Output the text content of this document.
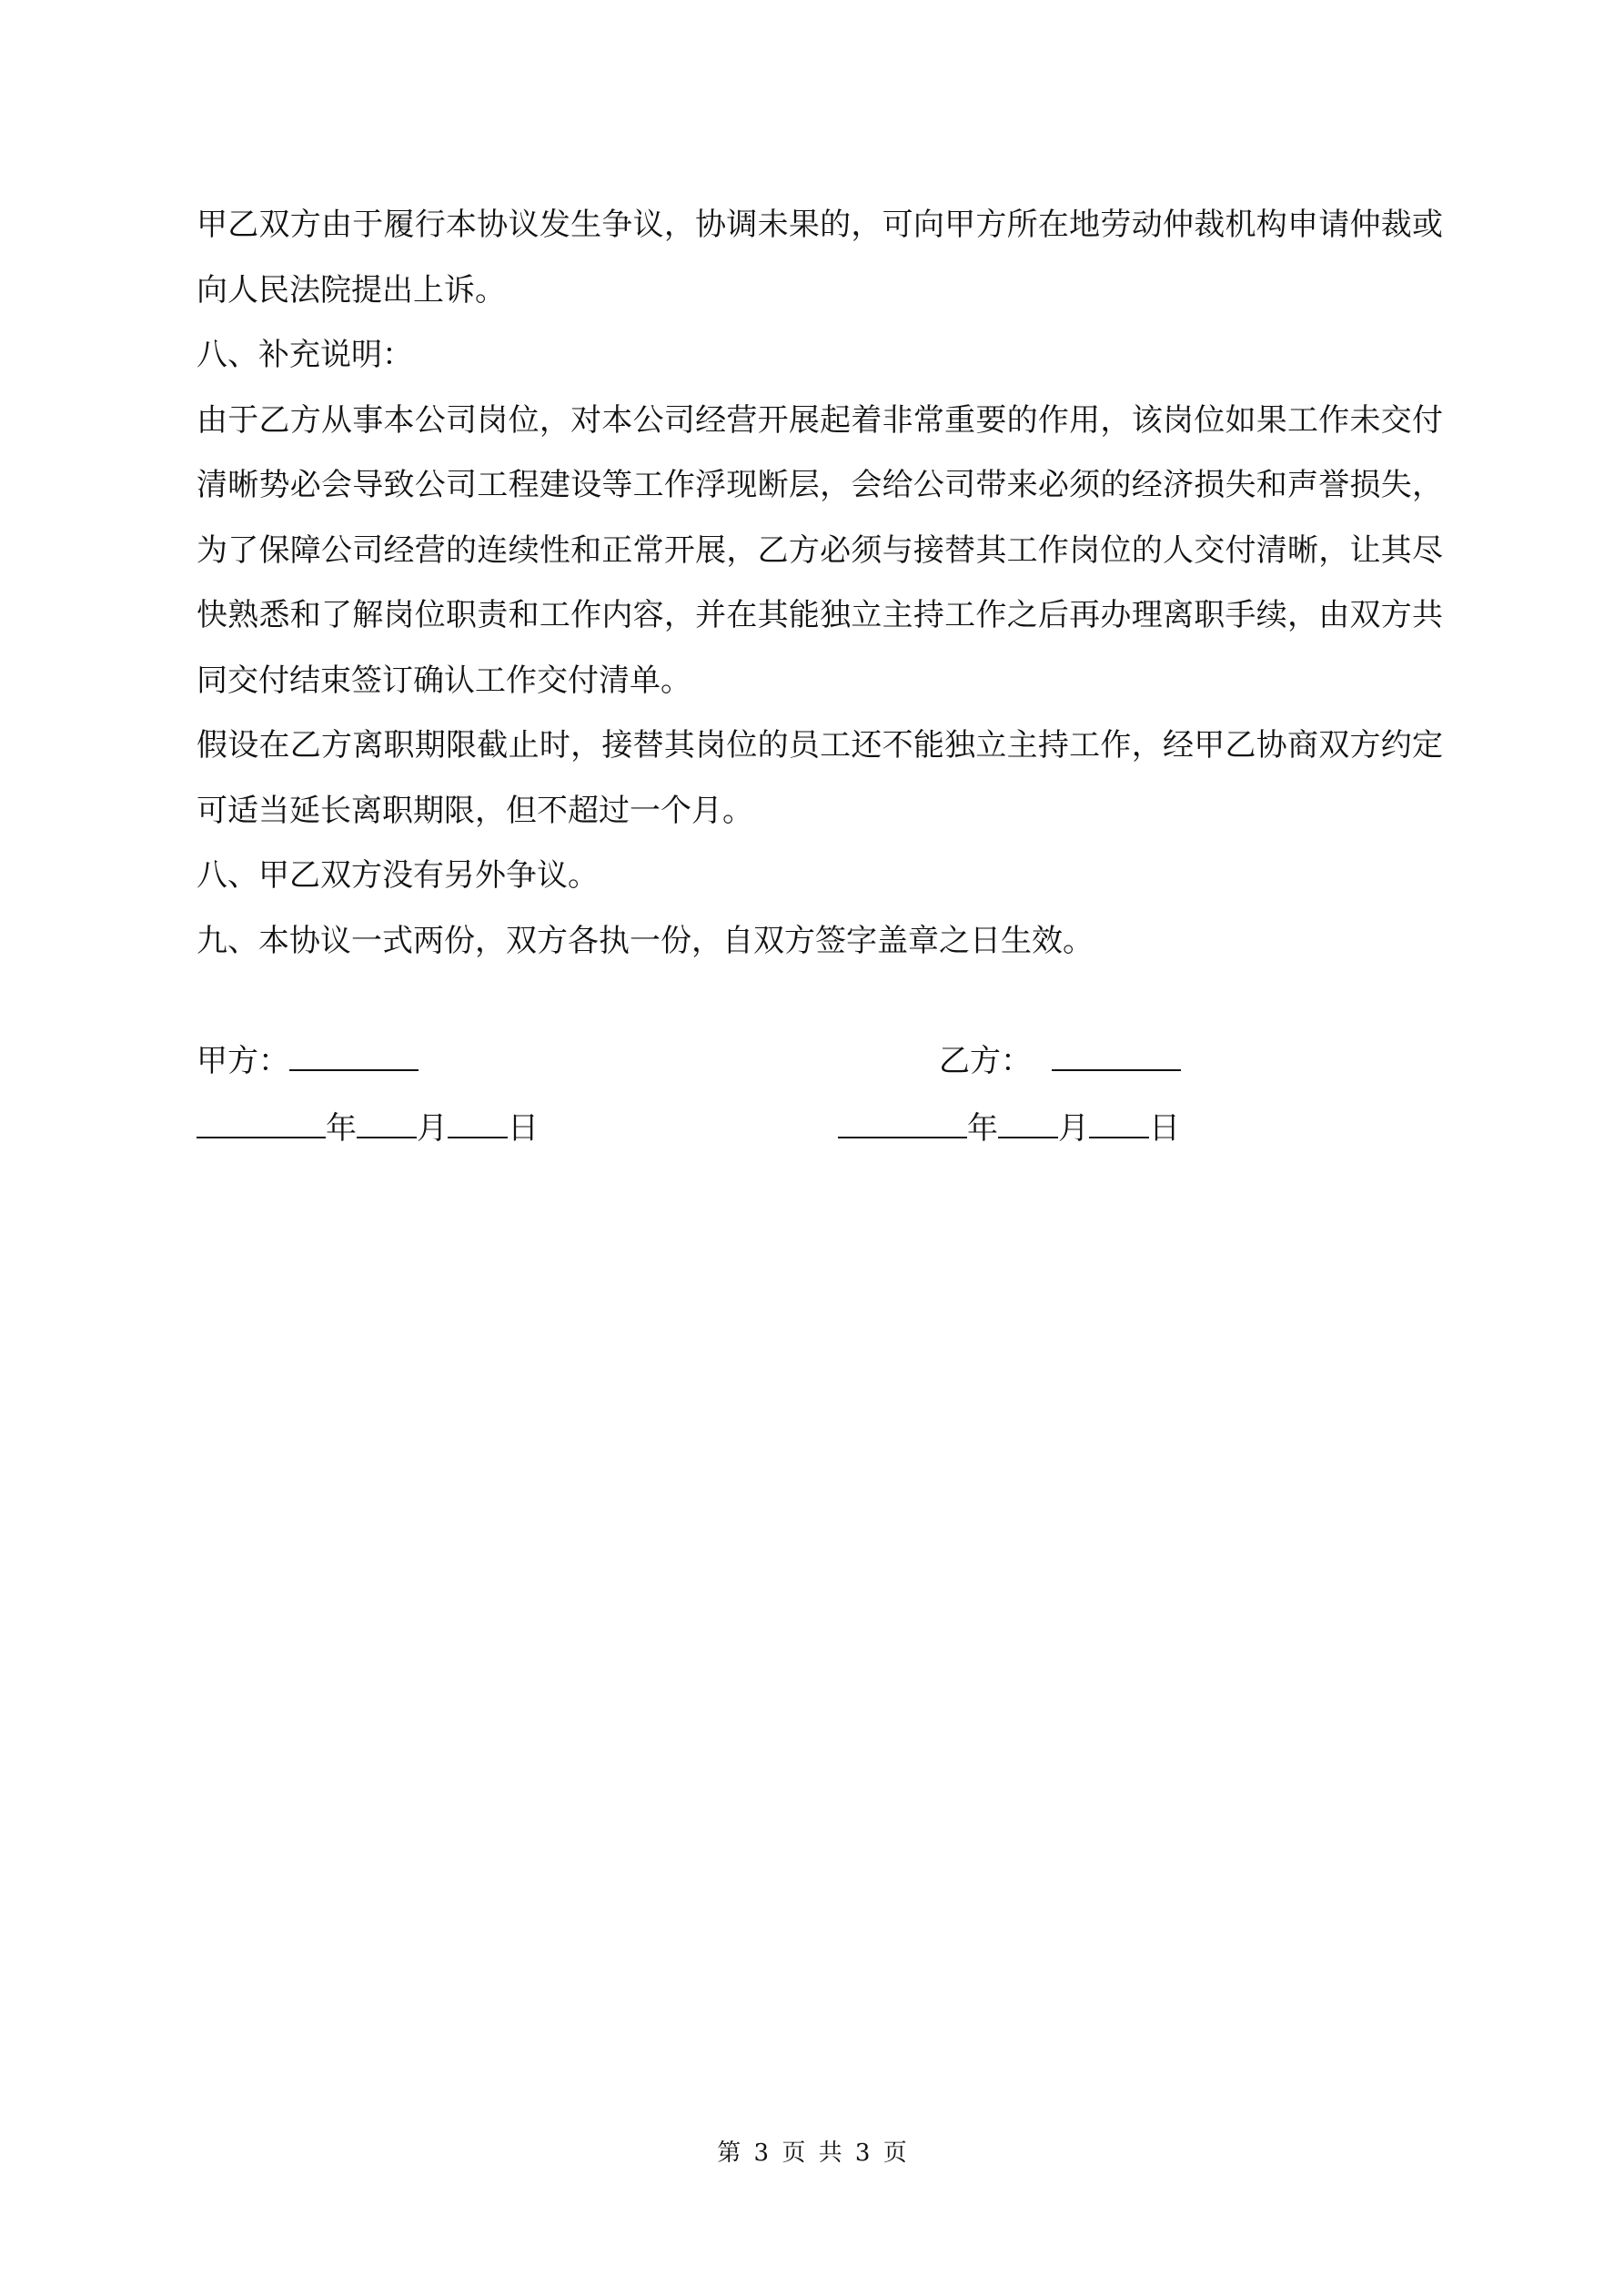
甲乙双方由于履行本协议发生争议，协调未果的，可向甲方所在地劳动仲裁机构申请仲裁或向人民法院提出上诉。

八、补充说明：

由于乙方从事本公司岗位，对本公司经营开展起着非常重要的作用，该岗位如果工作未交付清晰势必会导致公司工程建设等工作浮现断层，会给公司带来必须的经济损失和声誉损失，为了保障公司经营的连续性和正常开展，乙方必须与接替其工作岗位的人交付清晰，让其尽快熟悉和了解岗位职责和工作内容，并在其能独立主持工作之后再办理离职手续，由双方共同交付结束签订确认工作交付清单。

假设在乙方离职期限截止时，接替其岗位的员工还不能独立主持工作，经甲乙协商双方约定可适当延长离职期限，但不超过一个月。

八、甲乙双方没有另外争议。

九、本协议一式两份，双方各执一份，自双方签字盖章之日生效。

甲方：	乙方：
年 月 日	年 月 日
第 3 页 共 3 页
